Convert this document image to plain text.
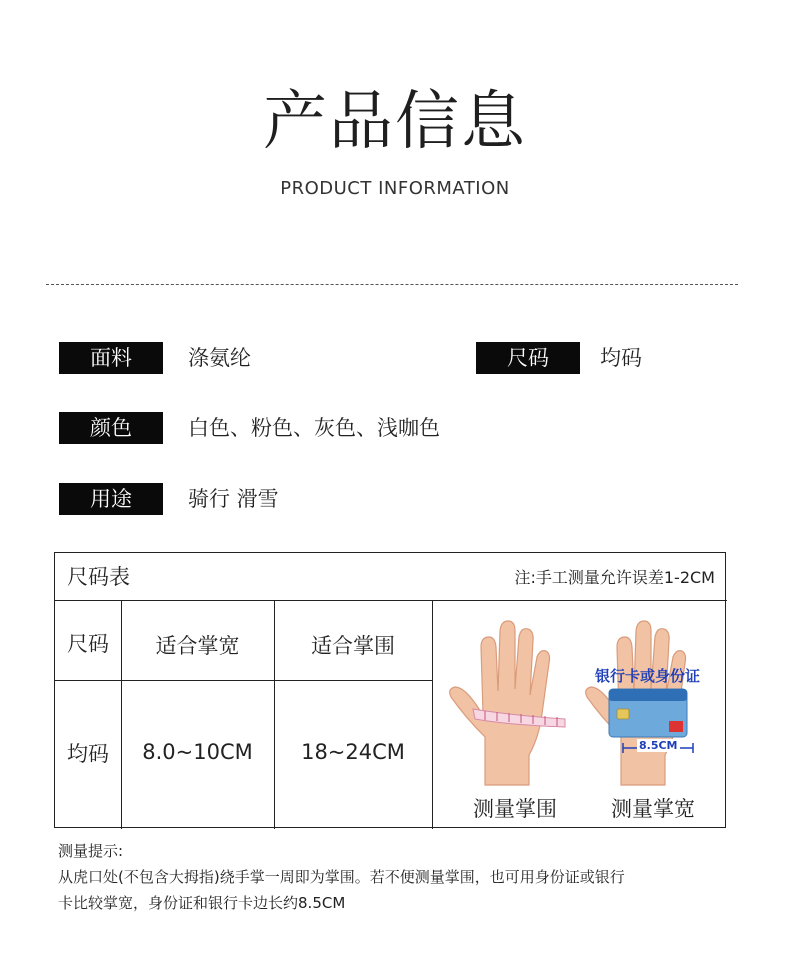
产品信息
PRODUCT INFORMATION
面料	涤氨纶	尺码	均码
颜色	白色、粉色、灰色、浅咖色
用途	骑行 滑雪
尺码表	注:手工测量允许误差1-2CM
尺码	适合掌宽	适合掌围
均码	8.0~10CM	18~24CM
银行卡或身份证
8.5CM
测量掌围	测量掌宽
测量提示:
从虎口处(不包含大拇指)绕手掌一周即为掌围。若不便测量掌围，也可用身份证或银行
卡比较掌宽，身份证和银行卡边长约8.5CM
